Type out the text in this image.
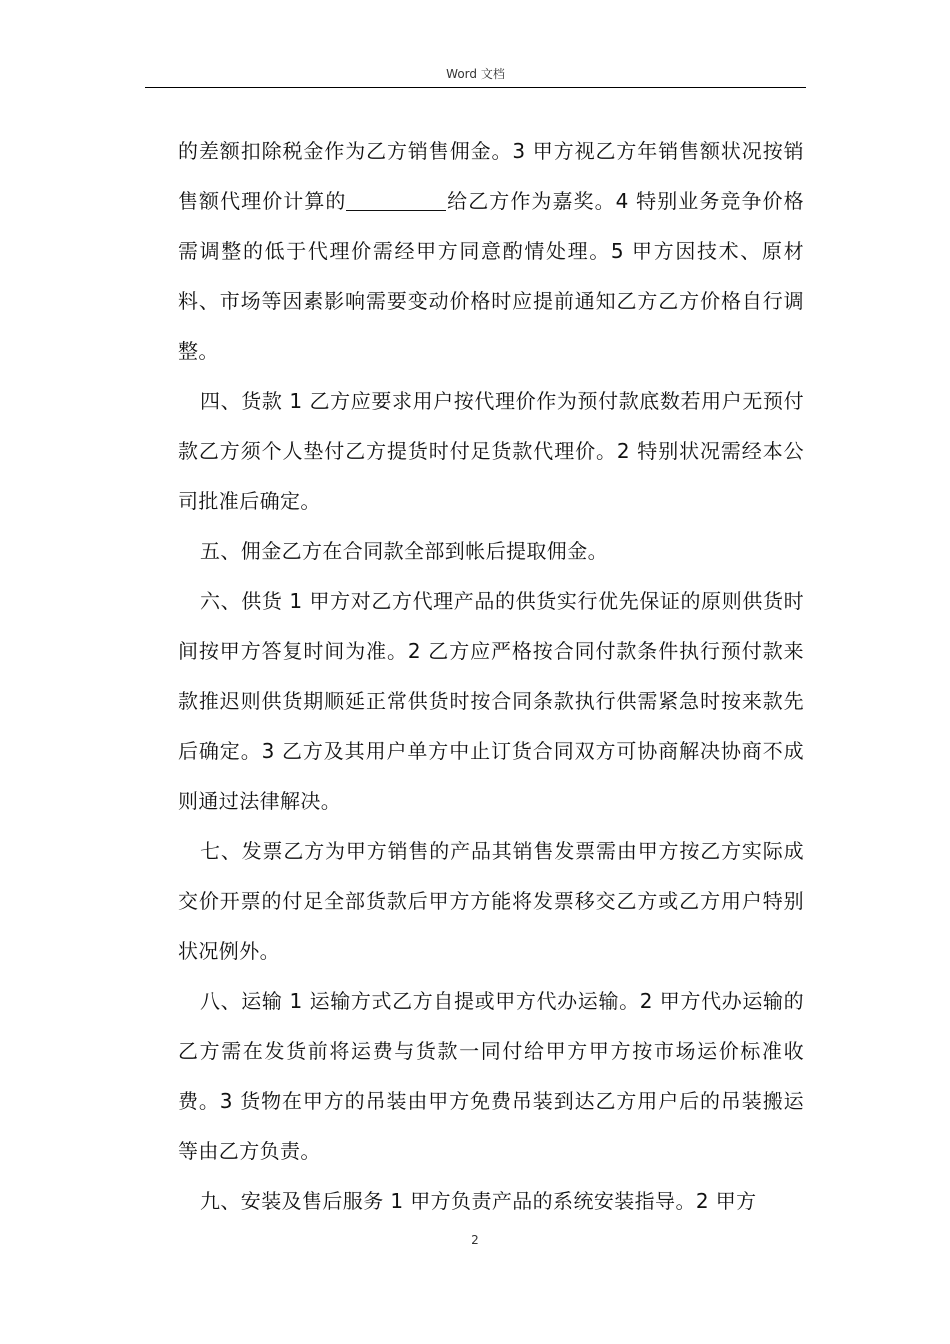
Word 文档

的差额扣除税金作为乙方销售佣金。3 甲方视乙方年销售额状况按销售额代理价计算的	给乙方作为嘉奖。4 特别业务竞争价格需调整的低于代理价需经甲方同意酌情处理。5 甲方因技术、原材料、市场等因素影响需要变动价格时应提前通知乙方乙方价格自行调整。

四、货款 1 乙方应要求用户按代理价作为预付款底数若用户无预付款乙方须个人垫付乙方提货时付足货款代理价。2 特别状况需经本公司批准后确定。

五、佣金乙方在合同款全部到帐后提取佣金。

六、供货 1 甲方对乙方代理产品的供货实行优先保证的原则供货时间按甲方答复时间为准。2 乙方应严格按合同付款条件执行预付款来款推迟则供货期顺延正常供货时按合同条款执行供需紧急时按来款先后确定。3 乙方及其用户单方中止订货合同双方可协商解决协商不成则通过法律解决。

七、发票乙方为甲方销售的产品其销售发票需由甲方按乙方实际成交价开票的付足全部货款后甲方方能将发票移交乙方或乙方用户特别状况例外。

八、运输 1 运输方式乙方自提或甲方代办运输。2 甲方代办运输的乙方需在发货前将运费与货款一同付给甲方甲方按市场运价标准收费。3 货物在甲方的吊装由甲方免费吊装到达乙方用户后的吊装搬运等由乙方负责。

九、安装及售后服务 1 甲方负责产品的系统安装指导。2 甲方

2
